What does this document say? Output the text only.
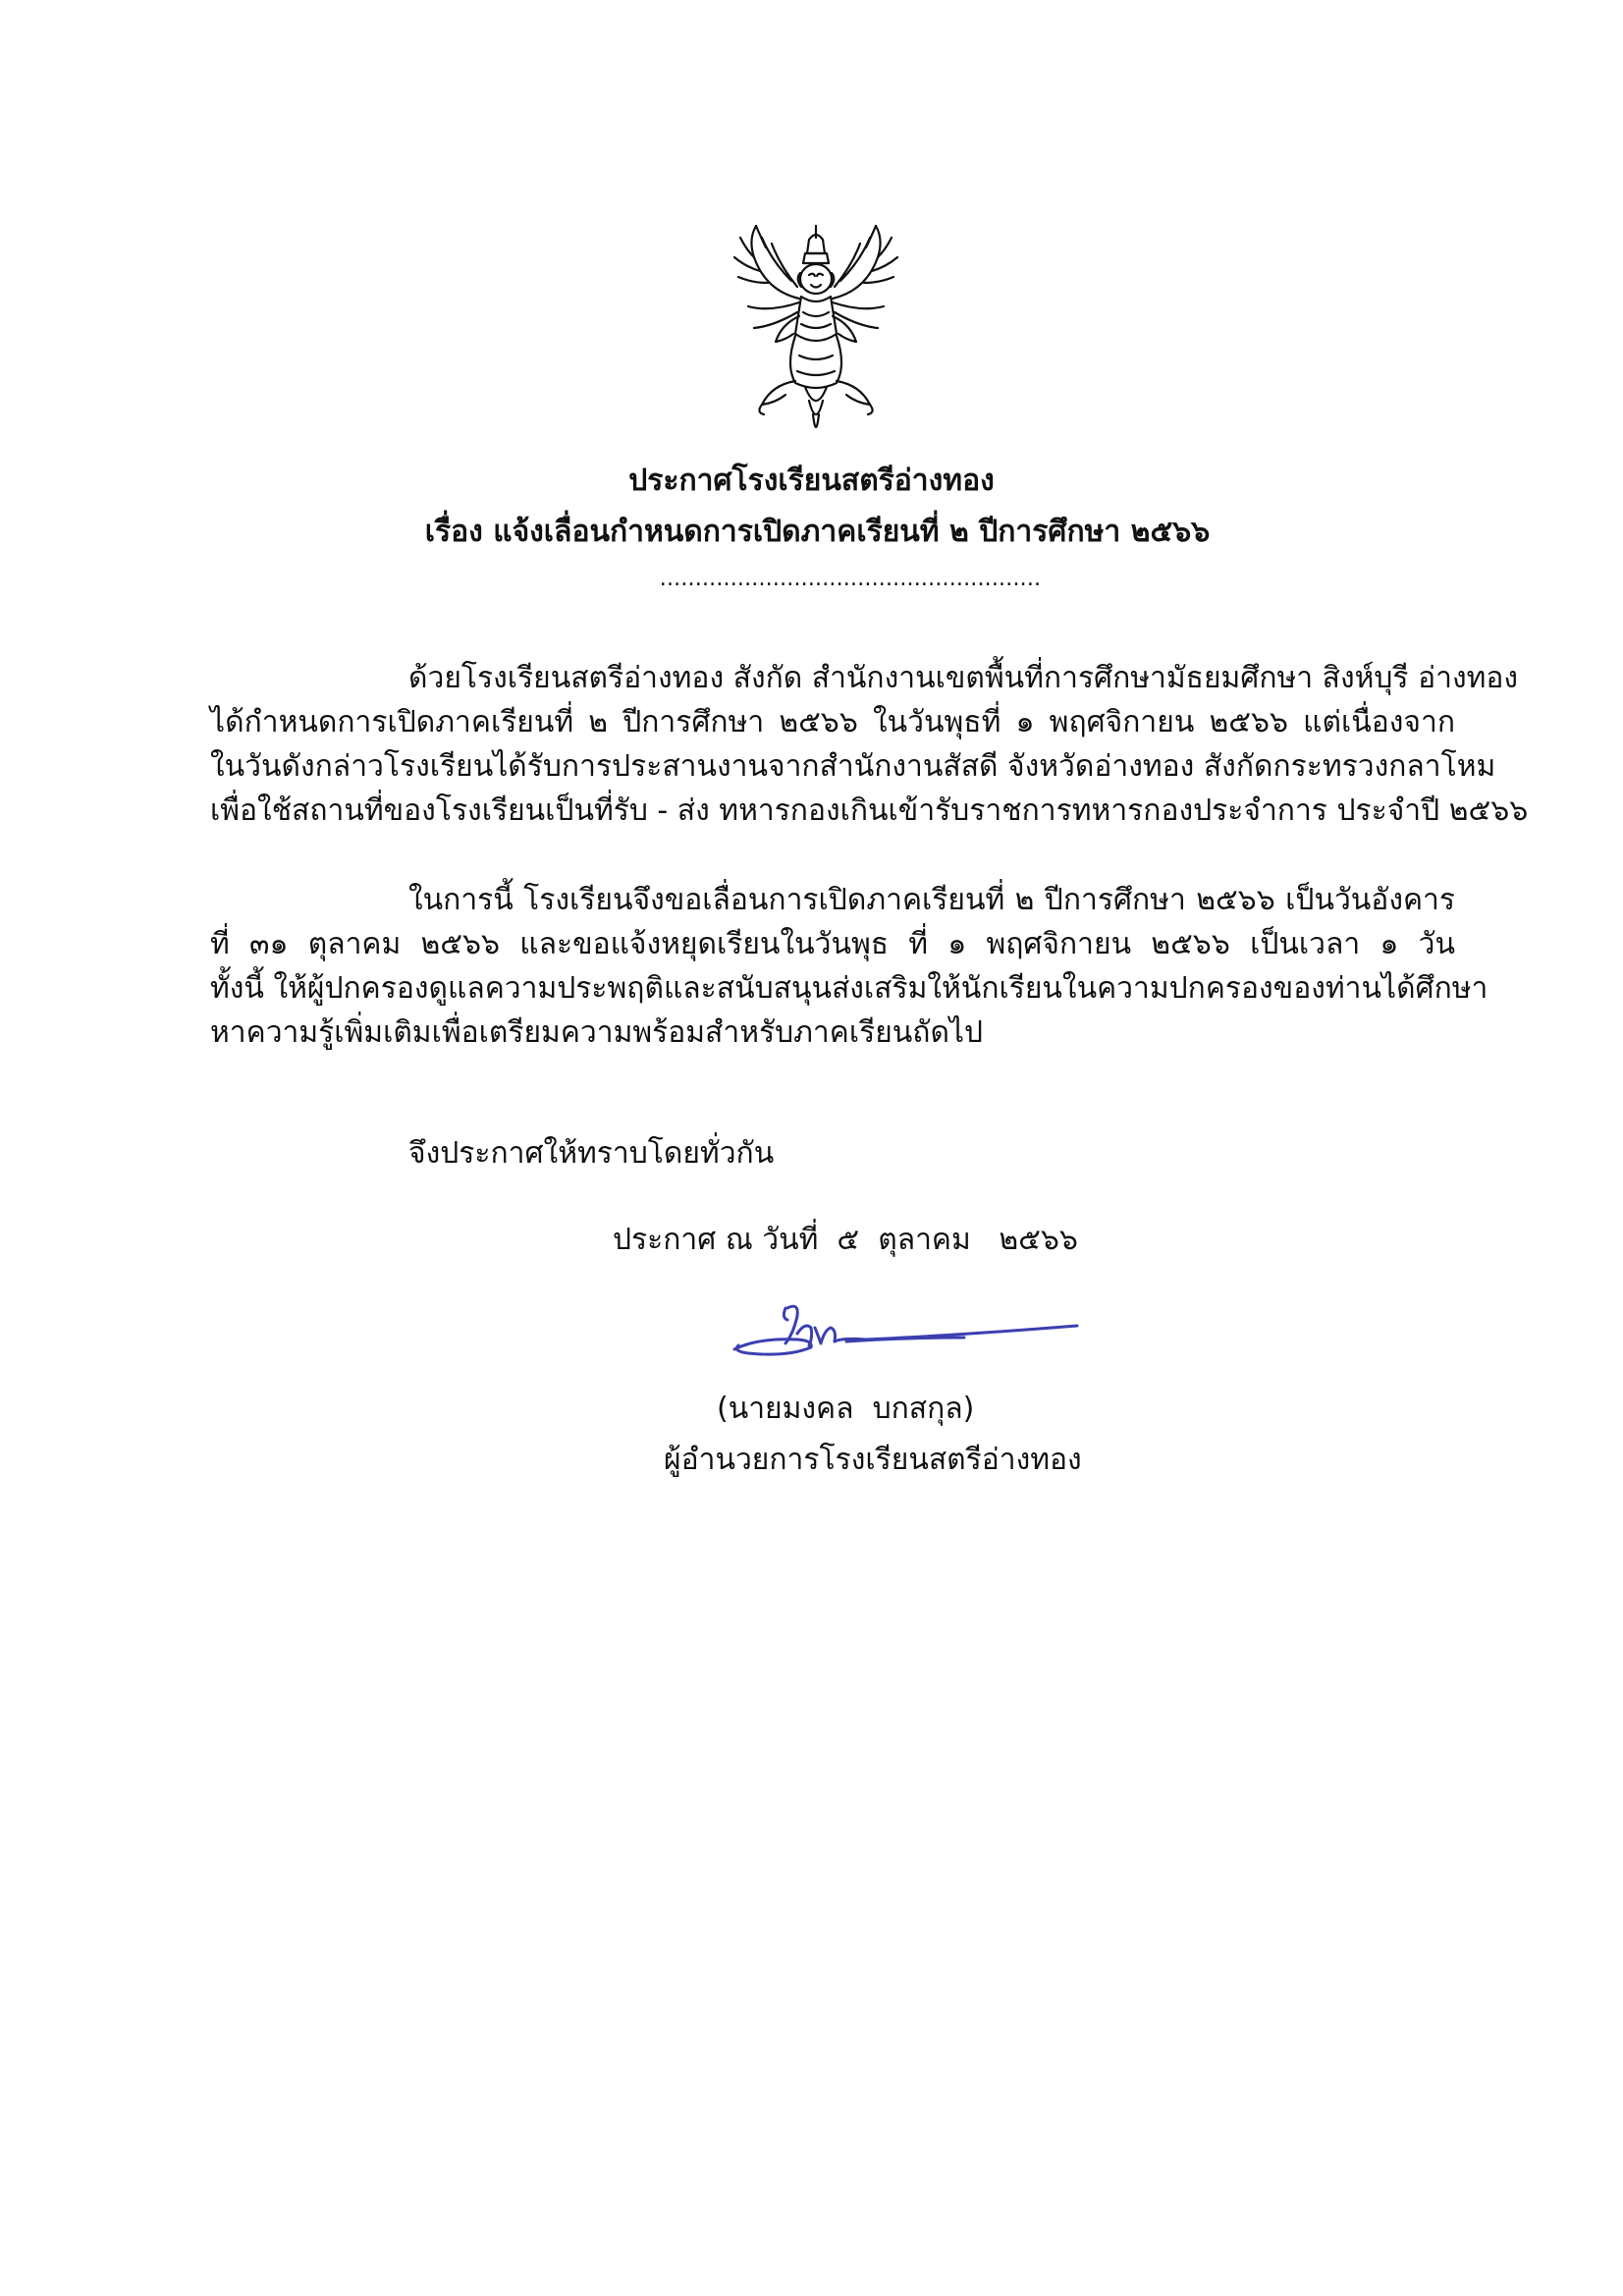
ประกาศโรงเรียนสตรีอ่างทอง
เรื่อง แจ้งเลื่อนกำหนดการเปิดภาคเรียนที่ ๒ ปีการศึกษา ๒๕๖๖
......................................................
ด้วยโรงเรียนสตรีอ่างทอง สังกัด สำนักงานเขตพื้นที่การศึกษามัธยมศึกษา สิงห์บุรี อ่างทอง
ได้กำหนดการเปิดภาคเรียนที่ ๒ ปีการศึกษา ๒๕๖๖ ในวันพุธที่ ๑ พฤศจิกายน ๒๕๖๖ แต่เนื่องจาก
ในวันดังกล่าวโรงเรียนได้รับการประสานงานจากสำนักงานสัสดี จังหวัดอ่างทอง สังกัดกระทรวงกลาโหม
เพื่อใช้สถานที่ของโรงเรียนเป็นที่รับ - ส่ง ทหารกองเกินเข้ารับราชการทหารกองประจำการ ประจำปี ๒๕๖๖
ในการนี้ โรงเรียนจึงขอเลื่อนการเปิดภาคเรียนที่ ๒ ปีการศึกษา ๒๕๖๖ เป็นวันอังคาร
ที่ ๓๑ ตุลาคม ๒๕๖๖ และขอแจ้งหยุดเรียนในวันพุธ ที่ ๑ พฤศจิกายน ๒๕๖๖ เป็นเวลา ๑ วัน
ทั้งนี้ ให้ผู้ปกครองดูแลความประพฤติและสนับสนุนส่งเสริมให้นักเรียนในความปกครองของท่านได้ศึกษา
หาความรู้เพิ่มเติมเพื่อเตรียมความพร้อมสำหรับภาคเรียนถัดไป
จึงประกาศให้ทราบโดยทั่วกัน
ประกาศ ณ วันที่  ๕  ตุลาคม   ๒๕๖๖
(นายมงคล  บกสกุล)
ผู้อำนวยการโรงเรียนสตรีอ่างทอง
